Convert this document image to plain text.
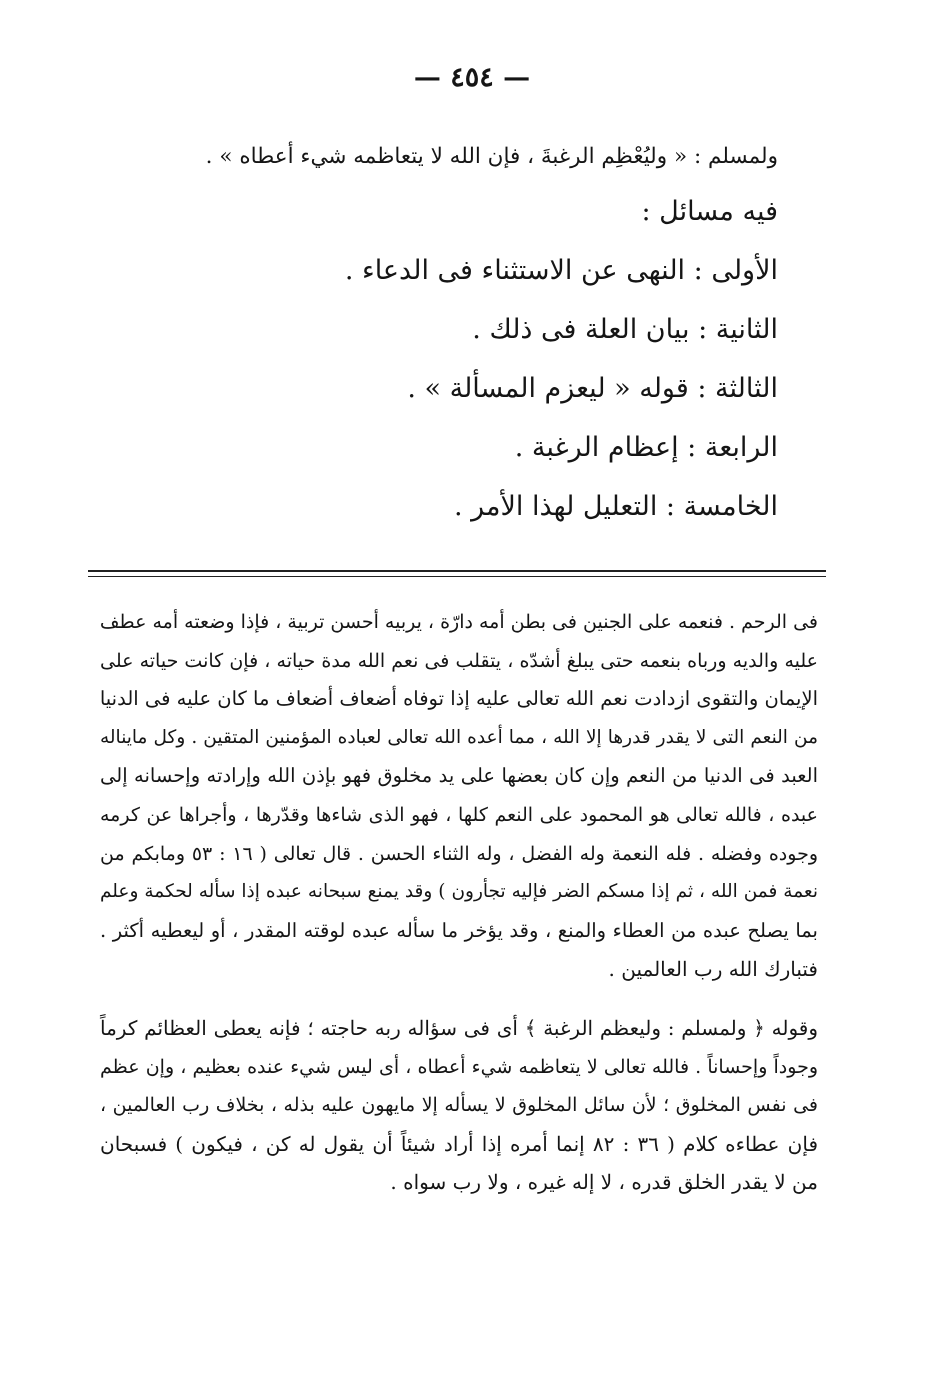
— ٤٥٤ —

ولمسلم : « وليُعْظِم الرغبةَ ، فإن الله لا يتعاظمه شيء أعطاه » .

فيه مسائل :

الأولى : النهى عن الاستثناء فى الدعاء .

الثانية : بيان العلة فى ذلك .

الثالثة : قوله « ليعزم المسألة » .

الرابعة : إعظام الرغبة .

الخامسة : التعليل لهذا الأمر .

فى الرحم . فنعمه على الجنين فى بطن أمه دارّة ، يربيه أحسن تربية ، فإذا وضعته أمه عطف

عليه والديه ورباه بنعمه حتى يبلغ أشدّه ، يتقلب فى نعم الله مدة حياته ، فإن كانت حياته على

الإيمان والتقوى ازدادت نعم الله تعالى عليه إذا توفاه أضعاف أضعاف ما كان عليه فى الدنيا

من النعم التى لا يقدر قدرها إلا الله ، مما أعده الله تعالى لعباده المؤمنين المتقين . وكل مايناله

العبد فى الدنيا من النعم وإن كان بعضها على يد مخلوق فهو بإذن الله وإرادته وإحسانه إلى

عبده ، فالله تعالى هو المحمود على النعم كلها ، فهو الذى شاءها وقدّرها ، وأجراها عن كرمه

وجوده وفضله . فله النعمة وله الفضل ، وله الثناء الحسن . قال تعالى ( ١٦ : ٥٣ ومابكم من

نعمة فمن الله ، ثم إذا مسكم الضر فإليه تجأرون ) وقد يمنع سبحانه عبده إذا سأله لحكمة وعلم

بما يصلح عبده من العطاء والمنع ، وقد يؤخر ما سأله عبده لوقته المقدر ، أو ليعطيه أكثر .

فتبارك الله رب العالمين .

وقوله ﴿ ولمسلم : وليعظم الرغبة ﴾ أى فى سؤاله ربه حاجته ؛ فإنه يعطى العظائم كرماً

وجوداً وإحساناً . فالله تعالى لا يتعاظمه شيء أعطاه ، أى ليس شيء عنده بعظيم ، وإن عظم

فى نفس المخلوق ؛ لأن سائل المخلوق لا يسأله إلا مايهون عليه بذله ، بخلاف رب العالمين ،

فإن عطاءه كلام ( ٣٦ : ٨٢ إنما أمره إذا أراد شيئاً أن يقول له كن ، فيكون ) فسبحان

من لا يقدر الخلق قدره ، لا إله غيره ، ولا رب سواه .
